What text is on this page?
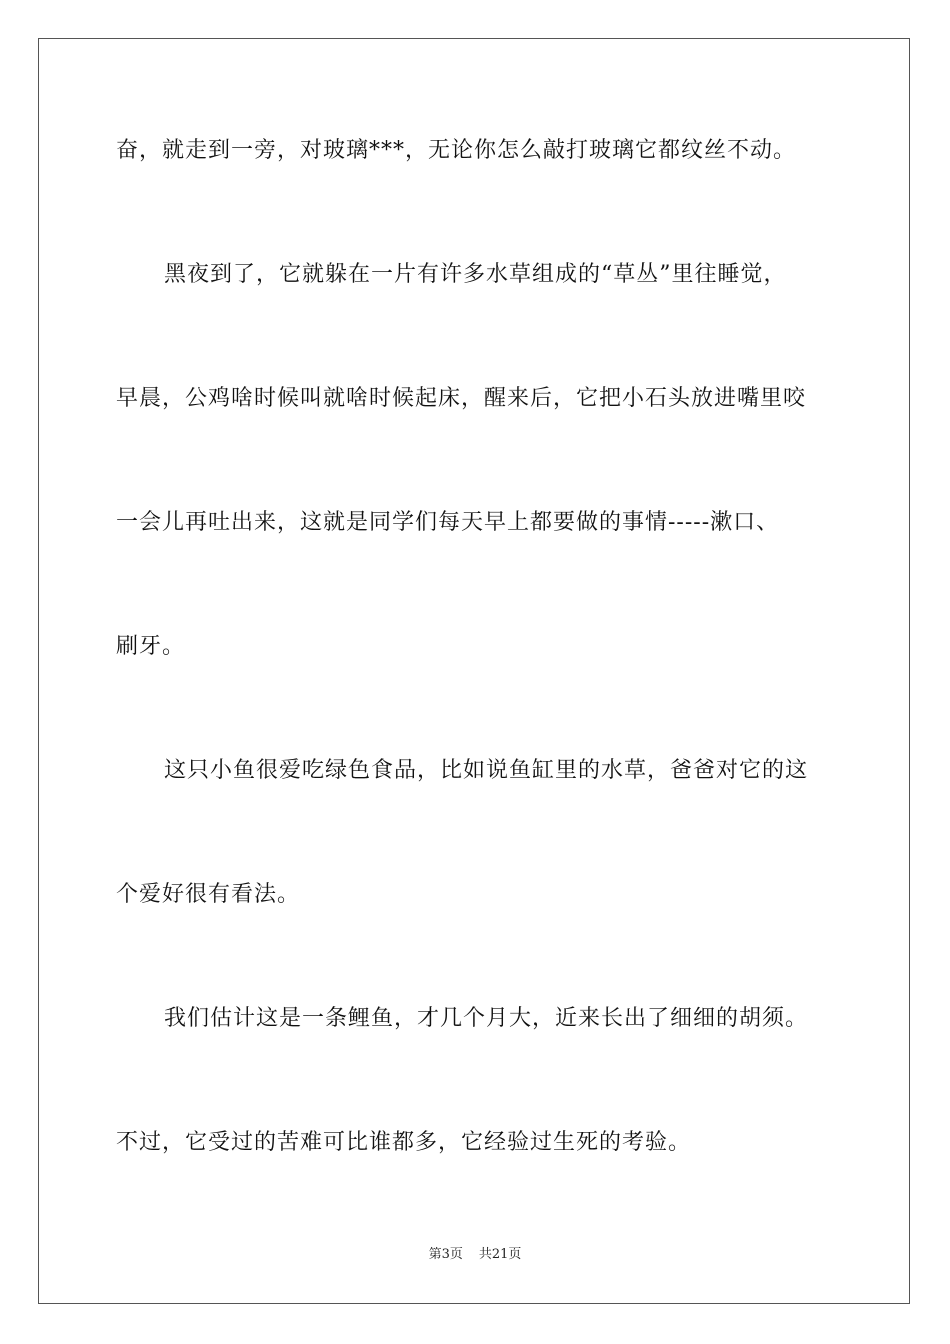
奋，就走到一旁，对玻璃***，无论你怎么敲打玻璃它都纹丝不动。
黑夜到了，它就躲在一片有许多水草组成的“草丛”里往睡觉，
早晨，公鸡啥时候叫就啥时候起床，醒来后，它把小石头放进嘴里咬
一会儿再吐出来，这就是同学们每天早上都要做的事情-----漱口、
刷牙。
这只小鱼很爱吃绿色食品，比如说鱼缸里的水草，爸爸对它的这
个爱好很有看法。
我们估计这是一条鲤鱼，才几个月大，近来长出了细细的胡须。
不过，它受过的苦难可比谁都多，它经验过生死的考验。
第3页 共21页
